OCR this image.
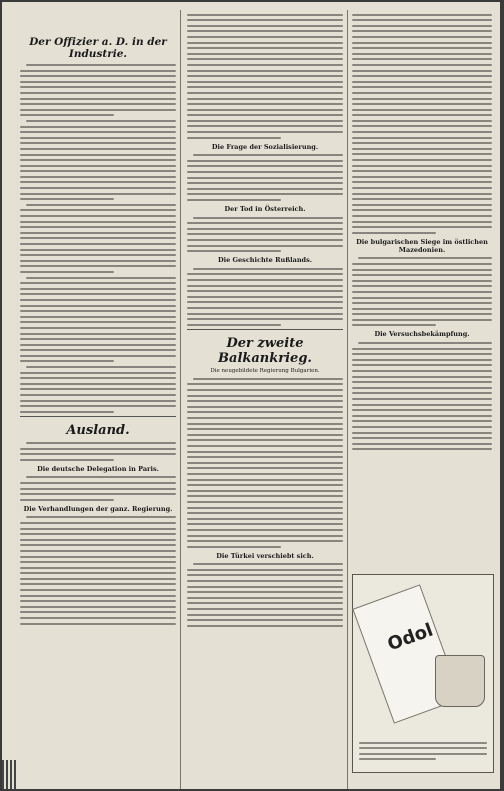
Der Offizier a. D. in der Industrie.
Ausland.
Die deutsche Delegation in Paris.
Die Verhandlungen der ganz. Regierung.
Die Frage der Sozialisierung.
Der Tod in Österreich.
Die Geschichte Rußlands.
Der zweite Balkankrieg.
Die neugebildete Regierung Bulgarien.
Die Türkei verschiebt sich.
Die bulgarischen Siege im östlichen Mazedonien.
Die Versuchsbekämpfung.
Odol
